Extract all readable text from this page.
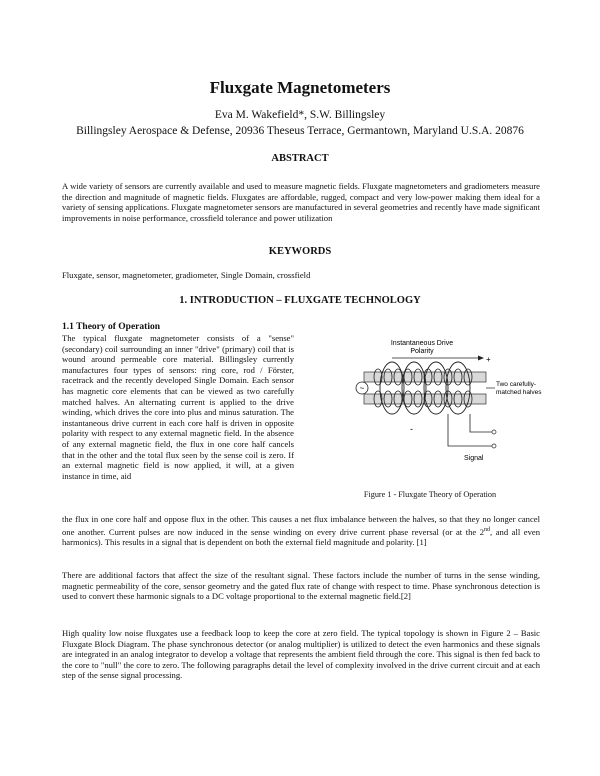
Fluxgate Magnetometers
Eva M. Wakefield*, S.W. Billingsley
Billingsley Aerospace & Defense, 20936 Theseus Terrace, Germantown, Maryland U.S.A. 20876
ABSTRACT

A wide variety of sensors are currently available and used to measure magnetic fields. Fluxgate magnetometers and gradiometers measure the direction and magnitude of magnetic fields. Fluxgates are affordable, rugged, compact and very low-power making them ideal for a variety of sensing applications. Fluxgate magnetometer sensors are manufactured in several geometries and recently have made significant improvements in noise performance, crossfield tolerance and power utilization

KEYWORDS

Fluxgate, sensor, magnetometer, gradiometer, Single Domain, crossfield

1. INTRODUCTION – FLUXGATE TECHNOLOGY
1.1 Theory of Operation

The typical fluxgate magnetometer consists of a "sense" (secondary) coil surrounding an inner "drive" (primary) coil that is wound around permeable core material. Billingsley currently manufactures four types of sensors: ring core, rod / Förster, racetrack and the recently developed Single Domain. Each sensor has magnetic core elements that can be viewed as two carefully matched halves. An alternating current is applied to the drive winding, which drives the core into plus and minus saturation. The instantaneous drive current in each core half is driven in opposite polarity with respect to any external magnetic field. In the absence of any external magnetic field, the flux in one core half cancels that in the other and the total flux seen by the sense coil is zero. If an external magnetic field is now applied, it will, at a given instance in time, aid

Instantaneous Drive
Polarity
+
~	Two carefully-
matched halves
-
Signal
Figure 1 - Fluxgate Theory of Operation

the flux in one core half and oppose flux in the other. This causes a net flux imbalance between the halves, so that they no longer cancel one another. Current pulses are now induced in the sense winding on every drive current phase reversal (or at the 2nd, and all even harmonics). This results in a signal that is dependent on both the external field magnitude and polarity. [1]

There are additional factors that affect the size of the resultant signal. These factors include the number of turns in the sense winding, magnetic permeability of the core, sensor geometry and the gated flux rate of change with respect to time. Phase synchronous detection is used to convert these harmonic signals to a DC voltage proportional to the external magnetic field.[2]

High quality low noise fluxgates use a feedback loop to keep the core at zero field. The typical topology is shown in Figure 2 – Basic Fluxgate Block Diagram. The phase synchronous detector (or analog multiplier) is utilized to detect the even harmonics and these signals are integrated in an analog integrator to develop a voltage that represents the ambient field through the core. This signal is then fed back to the core to "null" the core to zero. The following paragraphs detail the level of complexity involved in the drive current circuit and at each step of the sense signal processing.
